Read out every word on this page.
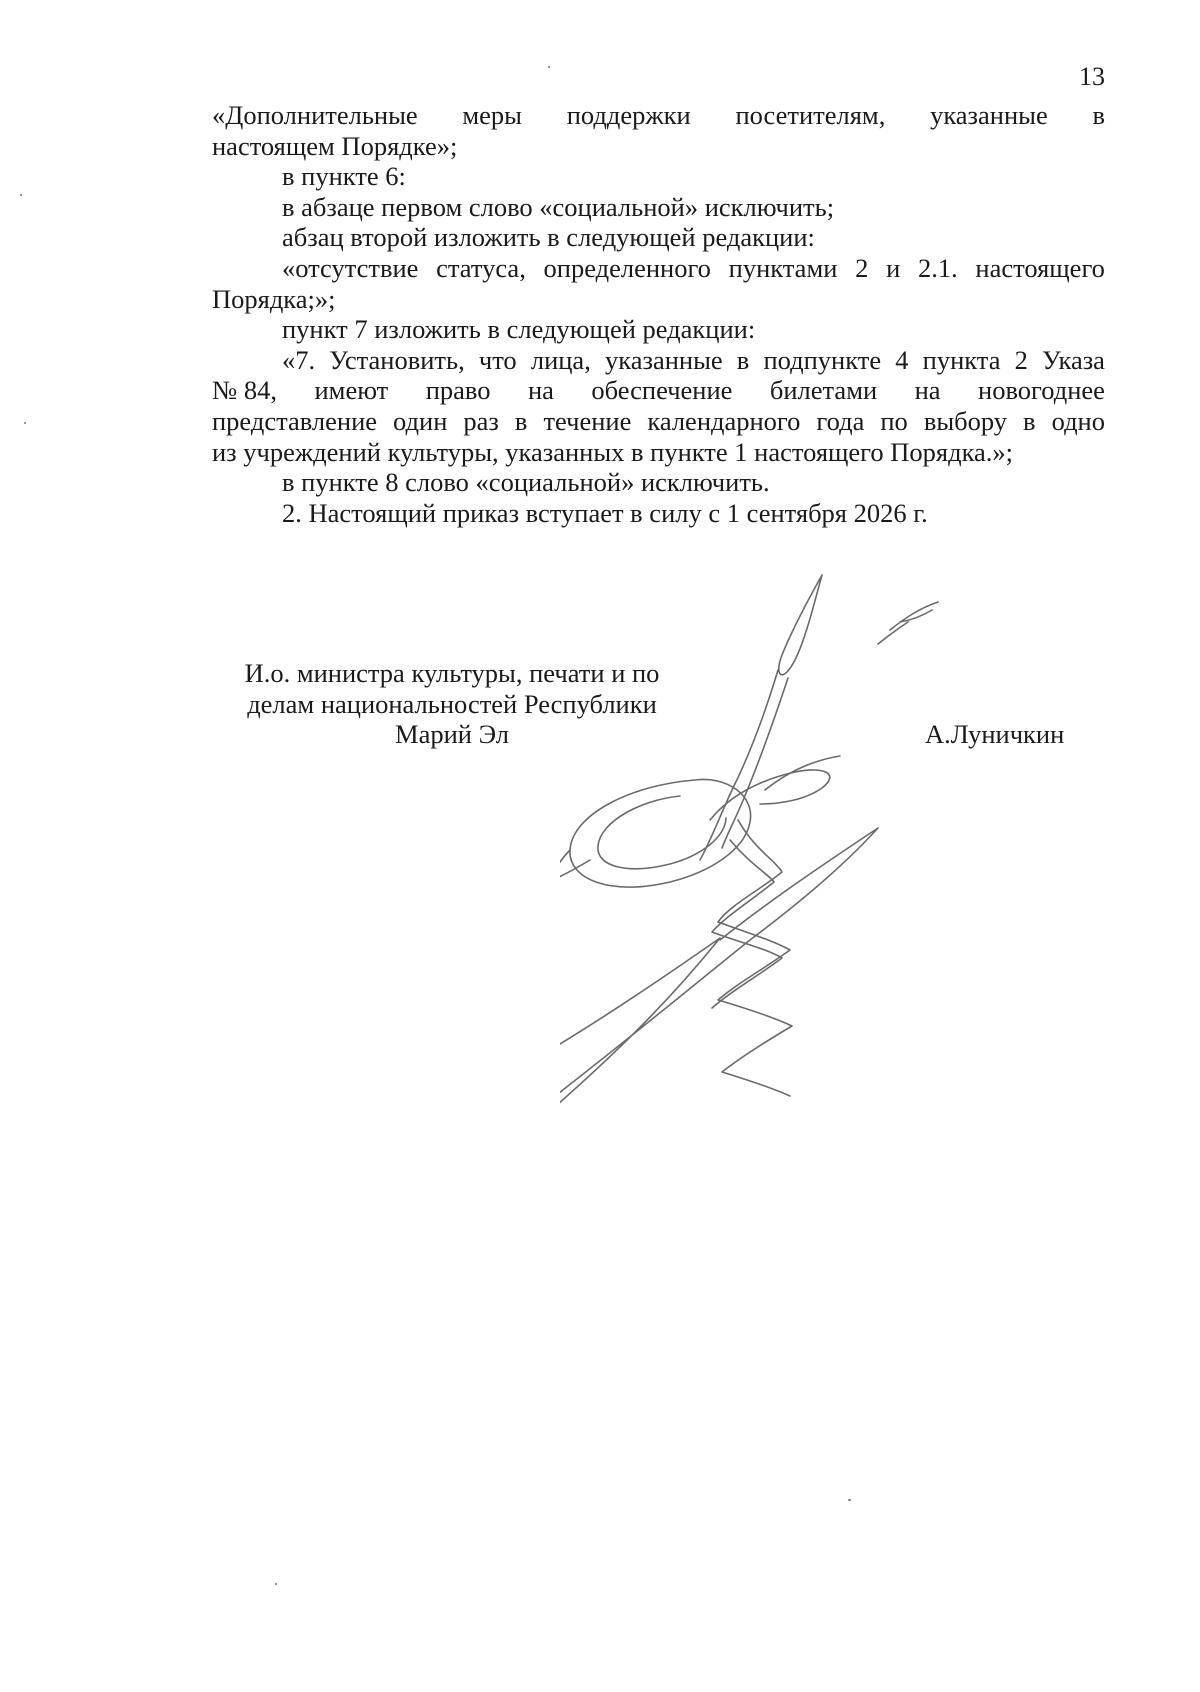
13
«Дополнительные меры поддержки посетителям, указанные в
настоящем Порядке»;
в пункте 6:
в абзаце первом слово «социальной» исключить;
абзац второй изложить в следующей редакции:
«отсутствие статуса, определенного пунктами 2 и 2.1. настоящего
Порядка;»;
пункт 7 изложить в следующей редакции:
«7. Установить, что лица, указанные в подпункте 4 пункта 2 Указа
№ 84, имеют право на обеспечение билетами на новогоднее
представление один раз в течение календарного года по выбору в одно
из учреждений культуры, указанных в пункте 1 настоящего Порядка.»;
в пункте 8 слово «социальной» исключить.
2. Настоящий приказ вступает в силу с 1 сентября 2026 г.
И.о. министра культуры, печати и по
делам национальностей Республики
Марий Эл	А.Луничкин
